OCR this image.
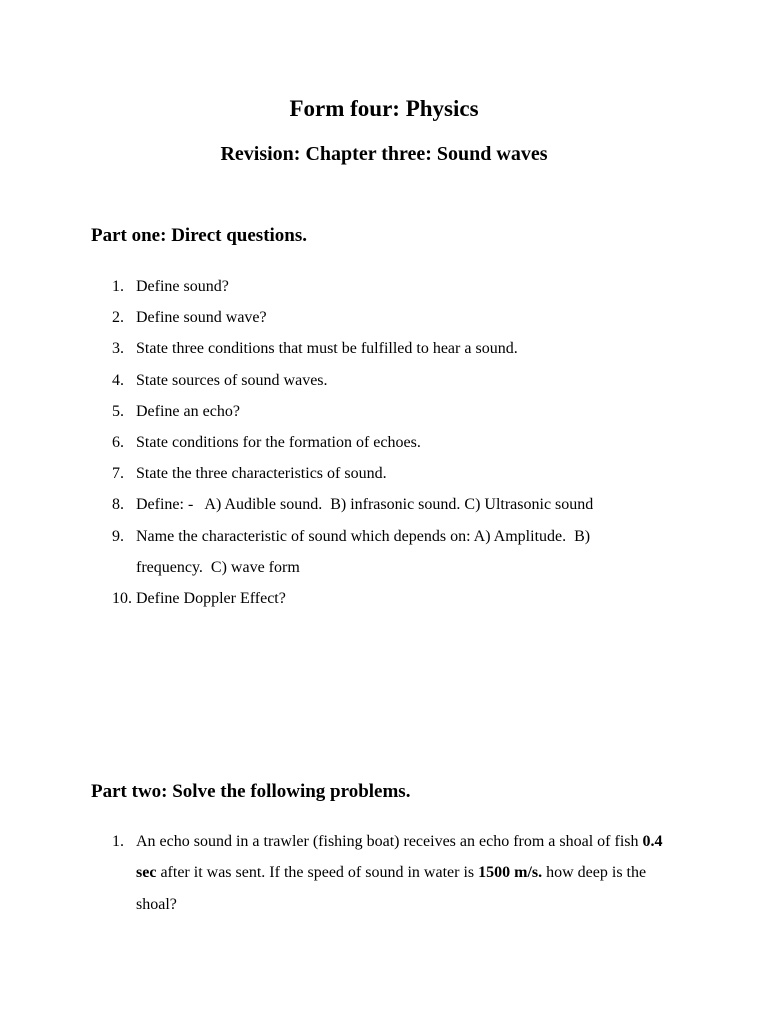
Form four: Physics
Revision: Chapter three: Sound waves
Part one: Direct questions.
1. Define sound?
2. Define sound wave?
3. State three conditions that must be fulfilled to hear a sound.
4. State sources of sound waves.
5. Define an echo?
6. State conditions for the formation of echoes.
7. State the three characteristics of sound.
8. Define: -   A) Audible sound.  B) infrasonic sound. C) Ultrasonic sound
9. Name the characteristic of sound which depends on: A) Amplitude.  B) frequency.  C) wave form
10. Define Doppler Effect?
Part two: Solve the following problems.
1. An echo sound in a trawler (fishing boat) receives an echo from a shoal of fish 0.4 sec after it was sent. If the speed of sound in water is 1500 m/s. how deep is the shoal?
